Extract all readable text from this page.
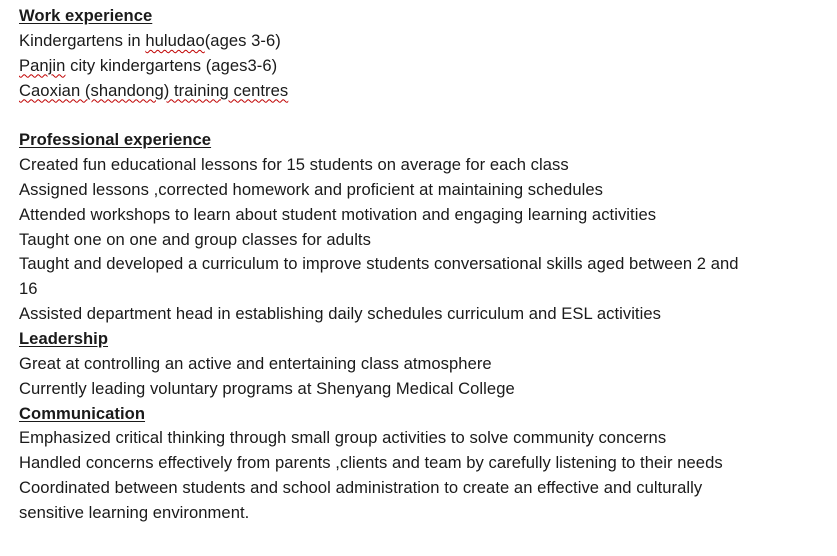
Work experience
Kindergartens in huludao(ages 3-6)
Panjin city kindergartens (ages3-6)
Caoxian (shandong) training centres
Professional experience
Created fun educational lessons for 15 students on average for each class
Assigned lessons ,corrected homework and proficient at maintaining schedules
Attended workshops to learn about student motivation and engaging learning activities
Taught one on one and group classes for adults
Taught and developed a curriculum to improve students conversational skills aged between 2 and
16
Assisted department head in establishing daily schedules curriculum and ESL activities
Leadership
Great at controlling an active and entertaining class atmosphere
Currently leading voluntary programs at Shenyang Medical College
Communication
Emphasized critical thinking through small group activities to solve community concerns
Handled concerns effectively from parents ,clients and team by carefully listening to their needs
Coordinated between students and school administration to create an effective and culturally
sensitive learning environment.
